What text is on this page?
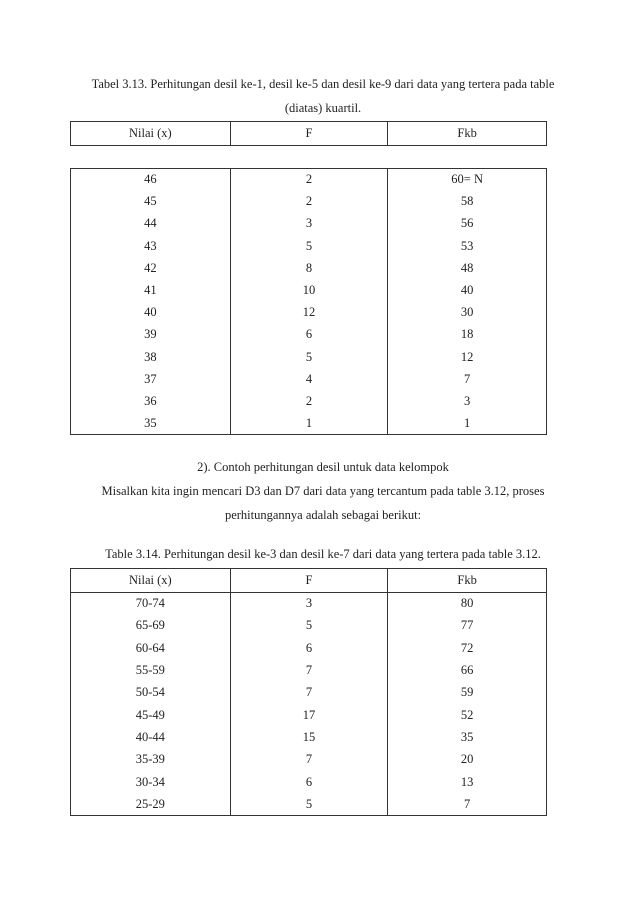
Tabel 3.13. Perhitungan desil ke-1, desil ke-5 dan desil ke-9 dari data yang tertera pada table
(diatas) kuartil.
Nilai (x)	F	Fkb
46	2	60= N
45	2	58
44	3	56
43	5	53
42	8	48
41	10	40
40	12	30
39	6	18
38	5	12
37	4	7
36	2	3
35	1	1
2). Contoh perhitungan desil untuk data kelompok
Misalkan kita ingin mencari D3 dan D7 dari data yang tercantum pada table 3.12, proses
perhitungannya adalah sebagai berikut:
Table 3.14. Perhitungan desil ke-3 dan desil ke-7 dari data yang tertera pada table 3.12.
Nilai (x)	F	Fkb
70-74	3	80
65-69	5	77
60-64	6	72
55-59	7	66
50-54	7	59
45-49	17	52
40-44	15	35
35-39	7	20
30-34	6	13
25-29	5	7
